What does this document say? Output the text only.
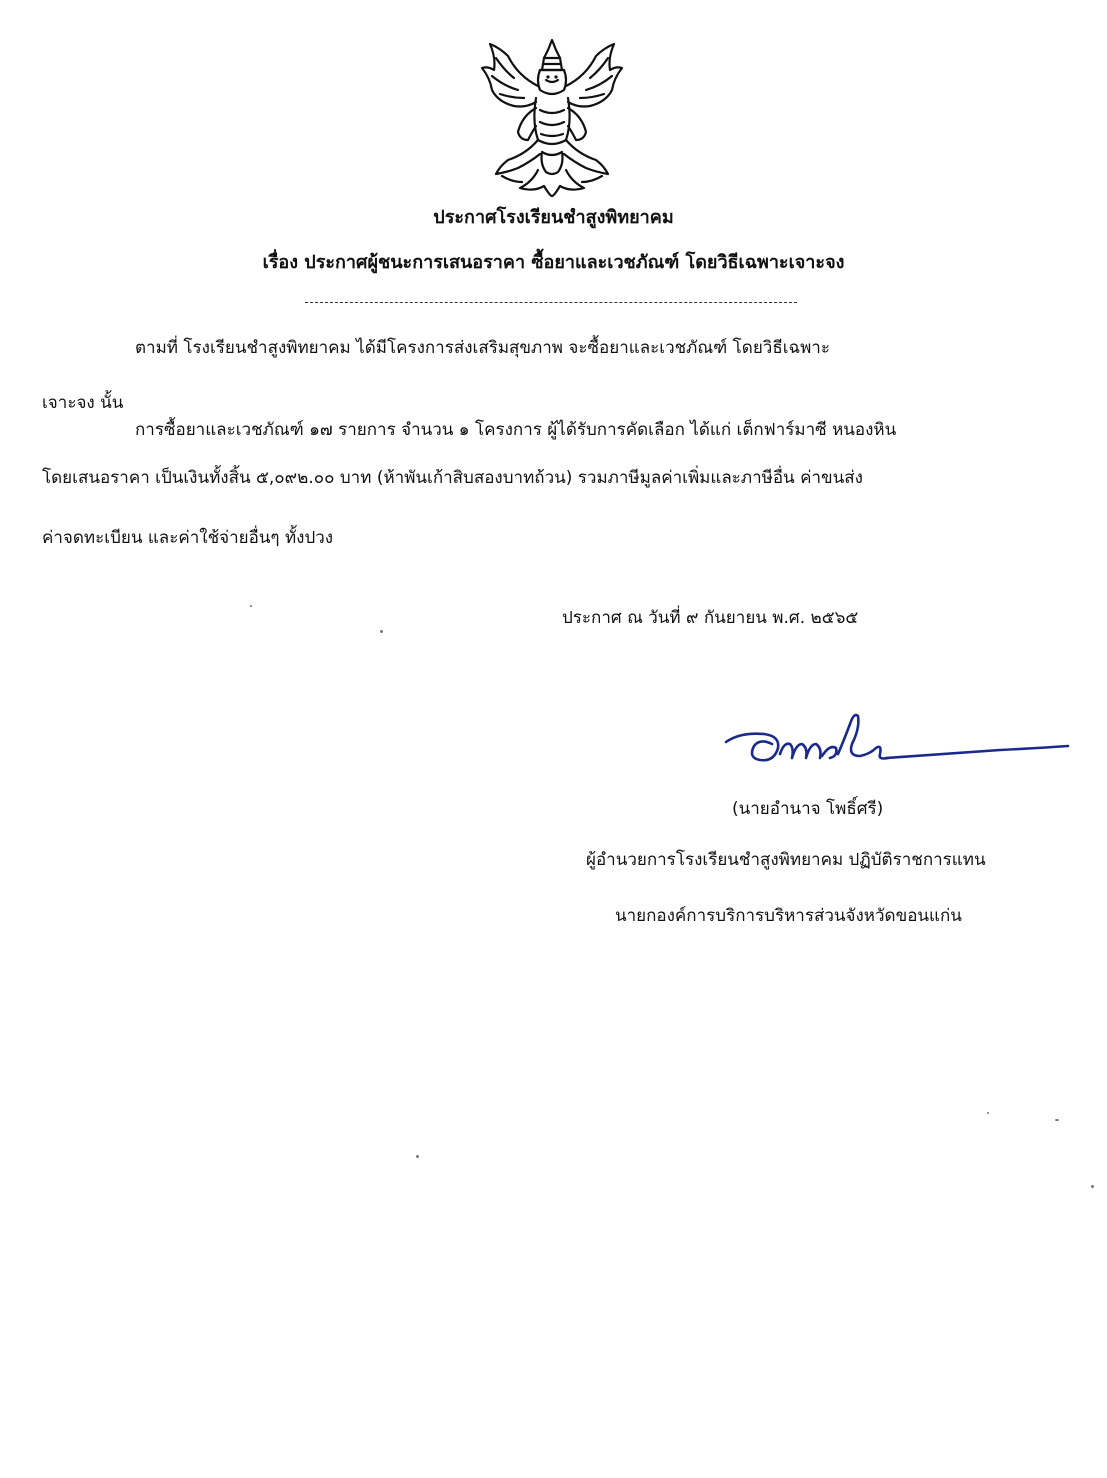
ประกาศโรงเรียนชำสูงพิทยาคม
เรื่อง ประกาศผู้ชนะการเสนอราคา ซื้อยาและเวชภัณฑ์ โดยวิธีเฉพาะเจาะจง
ตามที่ โรงเรียนชำสูงพิทยาคม ได้มีโครงการส่งเสริมสุขภาพ จะซื้อยาและเวชภัณฑ์ โดยวิธีเฉพาะ
เจาะจง นั้น
การซื้อยาและเวชภัณฑ์ ๑๗ รายการ จำนวน ๑ โครงการ ผู้ได้รับการคัดเลือก ได้แก่ เต็กฟาร์มาซี หนองหิน
โดยเสนอราคา เป็นเงินทั้งสิ้น ๕,๐๙๒.๐๐ บาท (ห้าพันเก้าสิบสองบาทถ้วน) รวมภาษีมูลค่าเพิ่มและภาษีอื่น ค่าขนส่ง
ค่าจดทะเบียน และค่าใช้จ่ายอื่นๆ ทั้งปวง
ประกาศ ณ วันที่ ๙ กันยายน พ.ศ. ๒๕๖๕
(นายอำนาจ โพธิ์ศรี)
ผู้อำนวยการโรงเรียนชำสูงพิทยาคม ปฏิบัติราชการแทน
นายกองค์การบริการบริหารส่วนจังหวัดขอนแก่น
